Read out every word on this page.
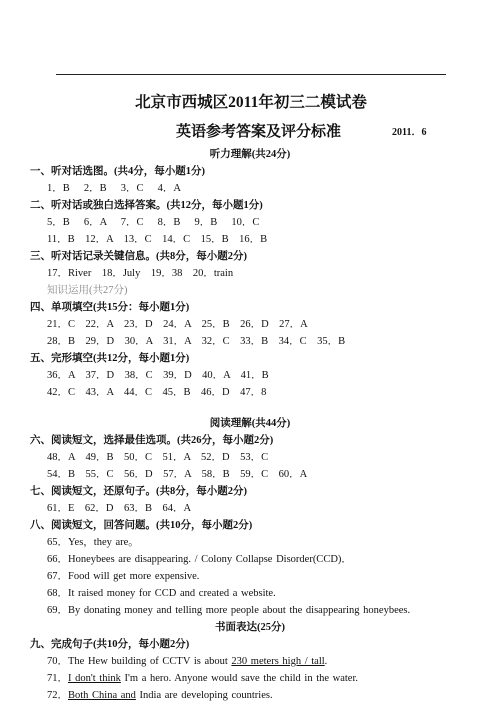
北京市西城区2011年初三二模试卷
英语参考答案及评分标准	2011．6
听力理解(共24分)
一、听对话选图。(共4分，每小题1分)
1．B　 2．B　 3．C　 4．A
二、听对话或独白选择答案。(共12分，每小题1分)
5．B　 6．A　 7．C　 8．B　 9．B　 10．C
11．B　12．A　13．C　14．C　15．B　16．B
三、听对话记录关键信息。(共8分，每小题2分)
17．River　18．July　19．38　20．train
知识运用(共27分)
四、单项填空(共15分：每小题1分)
21．C　22．A　23．D　24．A　25．B　26．D　27．A
28．B　29．D　30．A　31．A　32．C　33．B　34．C　35．B
五、完形填空(共12分，每小题1分)
36．A　37．D　38．C　39．D　40．A　41．B
42．C　43．A　44．C　45．B　46．D　47．8
阅读理解(共44分)
六、阅读短文，选择最佳选项。(共26分，每小题2分)
48．A　49．B　50．C　51．A　52．D　53．C
54．B　55．C　56．D　57．A　58．B　59．C　60．A
七、阅读短文，还原句子。(共8分，每小题2分)
61．E　62．D　63．B　64．A
八、阅读短文，回答问题。(共10分，每小题2分)
65．Yes，they are。
66．Honeybees are disappearing. / Colony Collapse Disorder(CCD)．
67．Food will get more expensive.
68．It raised money for CCD and created a website.
69．By donating money and telling more people about the disappearing honeybees.
书面表达(25分)
九、完成句子(共10分，每小题2分)
70．The Hew building of CCTV is about 230 meters high / tall.
71．I don't think I'm a hero. Anyone would save the child in the water.
72．Both China and India are developing countries.
